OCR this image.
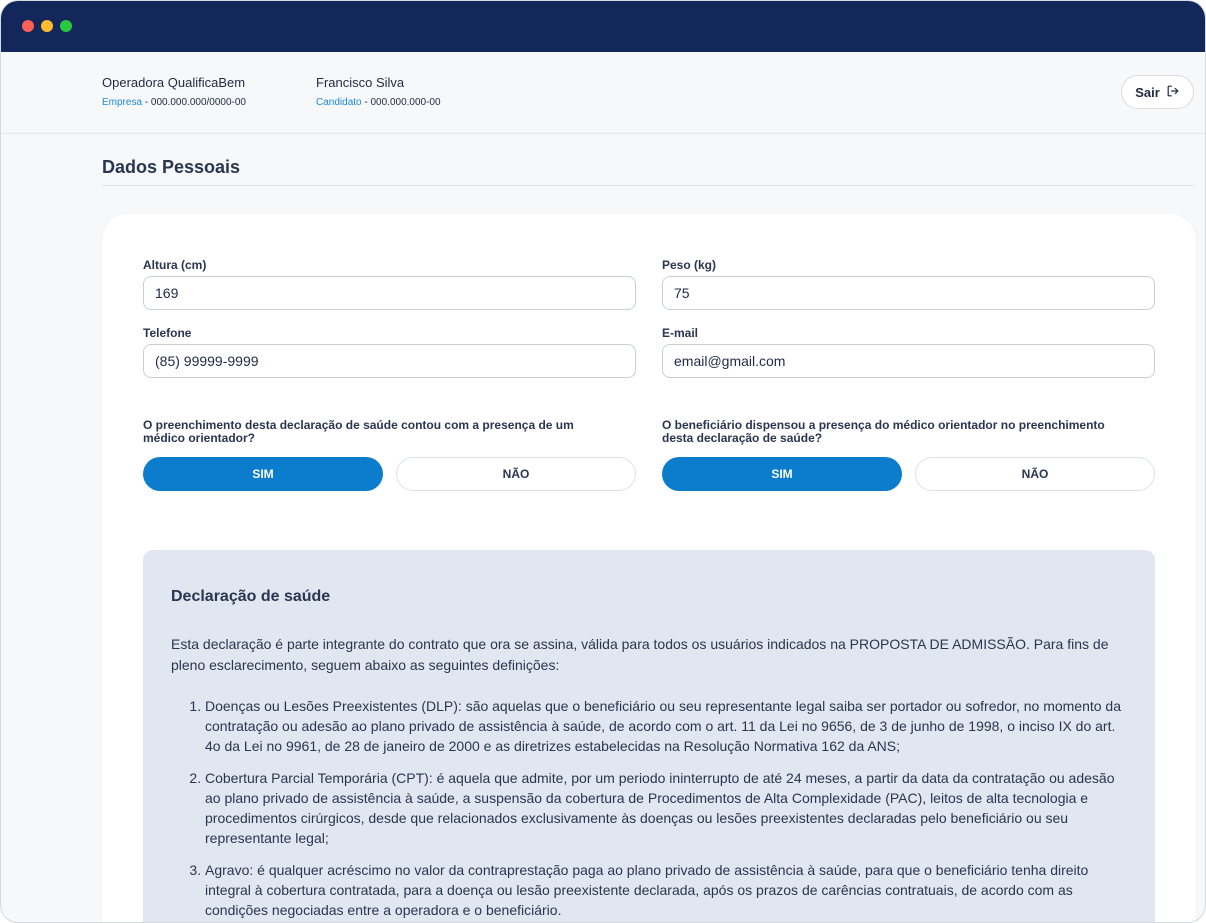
Operadora QualificaBem
Empresa - 000.000.000/0000-00
Francisco Silva
Candidato - 000.000.000-00
Sair
Dados Pessoais
Altura (cm)
169
Peso (kg)
75
Telefone
(85) 99999-9999
E-mail
email@gmail.com
O preenchimento desta declaração de saúde contou com a presença de um médico orientador?
O beneficiário dispensou a presença do médico orientador no preenchimento desta declaração de saúde?
SIM	NÃO	SIM	NÃO
Declaração de saúde
Esta declaração é parte integrante do contrato que ora se assina, válida para todos os usuários indicados na PROPOSTA DE ADMISSÃO. Para fins de pleno esclarecimento, seguem abaixo as seguintes definições:
1. Doenças ou Lesões Preexistentes (DLP): são aquelas que o beneficiário ou seu representante legal saiba ser portador ou sofredor, no momento da contratação ou adesão ao plano privado de assistência à saúde, de acordo com o art. 11 da Lei no 9656, de 3 de junho de 1998, o inciso IX do art. 4o da Lei no 9961, de 28 de janeiro de 2000 e as diretrizes estabelecidas na Resolução Normativa 162 da ANS;
2. Cobertura Parcial Temporária (CPT): é aquela que admite, por um periodo ininterrupto de até 24 meses, a partir da data da contratação ou adesão ao plano privado de assistência à saúde, a suspensão da cobertura de Procedimentos de Alta Complexidade (PAC), leitos de alta tecnologia e procedimentos cirúrgicos, desde que relacionados exclusivamente às doenças ou lesões preexistentes declaradas pelo beneficiário ou seu representante legal;
3. Agravo: é qualquer acréscimo no valor da contraprestação paga ao plano privado de assistência à saúde, para que o beneficiário tenha direito integral à cobertura contratada, para a doença ou lesão preexistente declarada, após os prazos de carências contratuais, de acordo com as condições negociadas entre a operadora e o beneficiário.
